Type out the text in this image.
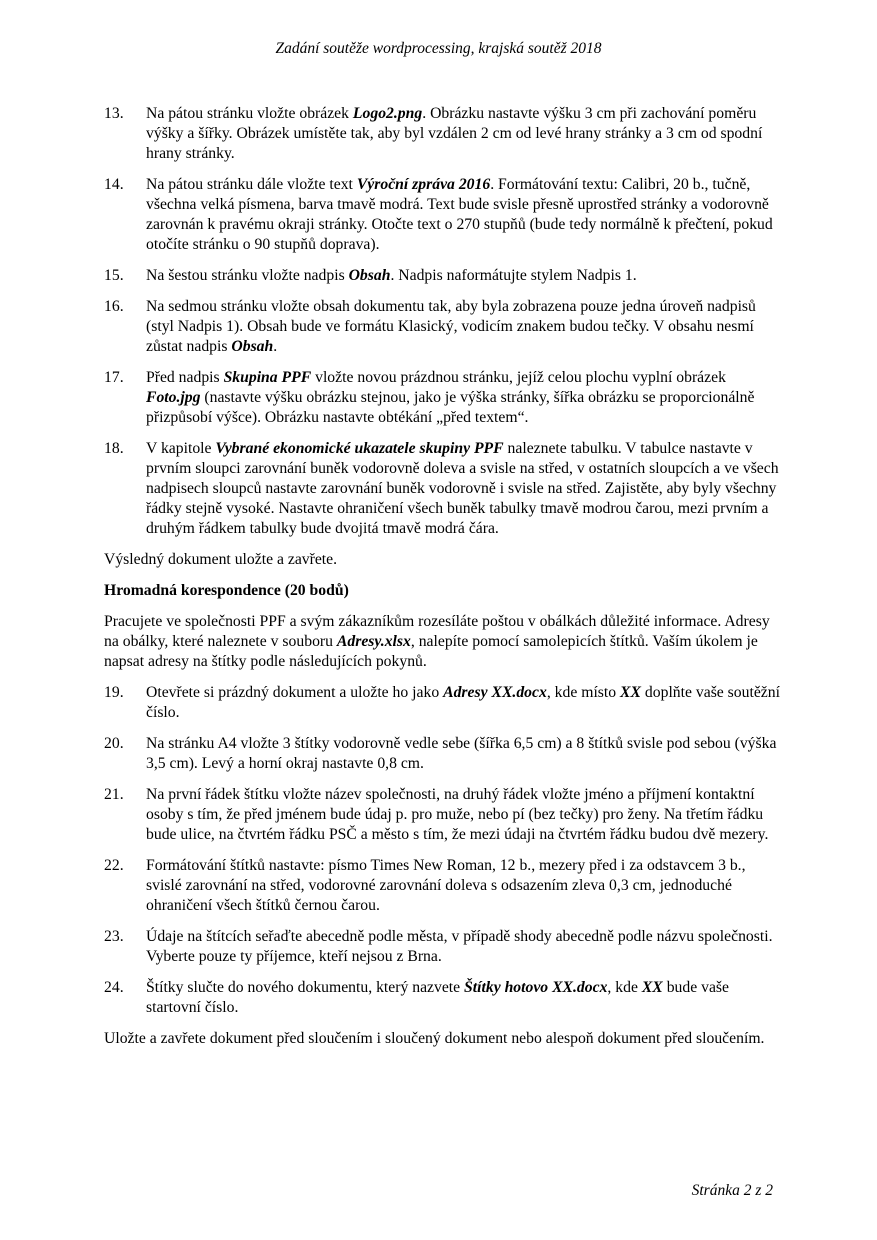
Zadání soutěže wordprocessing, krajská soutěž 2018
13.	Na pátou stránku vložte obrázek Logo2.png. Obrázku nastavte výšku 3 cm při zachování poměru výšky a šířky. Obrázek umístěte tak, aby byl vzdálen 2 cm od levé hrany stránky a 3 cm od spodní hrany stránky.
14.	Na pátou stránku dále vložte text Výroční zpráva 2016. Formátování textu: Calibri, 20 b., tučně, všechna velká písmena, barva tmavě modrá. Text bude svisle přesně uprostřed stránky a vodorovně zarovnán k pravému okraji stránky. Otočte text o 270 stupňů (bude tedy normálně k přečtení, pokud otočíte stránku o 90 stupňů doprava).
15.	Na šestou stránku vložte nadpis Obsah. Nadpis naformátujte stylem Nadpis 1.
16.	Na sedmou stránku vložte obsah dokumentu tak, aby byla zobrazena pouze jedna úroveň nadpisů (styl Nadpis 1). Obsah bude ve formátu Klasický, vodicím znakem budou tečky. V obsahu nesmí zůstat nadpis Obsah.
17.	Před nadpis Skupina PPF vložte novou prázdnou stránku, jejíž celou plochu vyplní obrázek Foto.jpg (nastavte výšku obrázku stejnou, jako je výška stránky, šířka obrázku se proporcionálně přizpůsobí výšce). Obrázku nastavte obtékání „před textem“.
18.	V kapitole Vybrané ekonomické ukazatele skupiny PPF naleznete tabulku. V tabulce nastavte v prvním sloupci zarovnání buněk vodorovně doleva a svisle na střed, v ostatních sloupcích a ve všech nadpisech sloupců nastavte zarovnání buněk vodorovně i svisle na střed. Zajistěte, aby byly všechny řádky stejně vysoké. Nastavte ohraničení všech buněk tabulky tmavě modrou čarou, mezi prvním a druhým řádkem tabulky bude dvojitá tmavě modrá čára.
Výsledný dokument uložte a zavřete.
Hromadná korespondence (20 bodů)
Pracujete ve společnosti PPF a svým zákazníkům rozesíláte poštou v obálkách důležité informace. Adresy na obálky, které naleznete v souboru Adresy.xlsx, nalepíte pomocí samolepicích štítků. Vaším úkolem je napsat adresy na štítky podle následujících pokynů.
19.	Otevřete si prázdný dokument a uložte ho jako Adresy XX.docx, kde místo XX doplňte vaše soutěžní číslo.
20.	Na stránku A4 vložte 3 štítky vodorovně vedle sebe (šířka 6,5 cm) a 8 štítků svisle pod sebou (výška 3,5 cm). Levý a horní okraj nastavte 0,8 cm.
21.	Na první řádek štítku vložte název společnosti, na druhý řádek vložte jméno a příjmení kontaktní osoby s tím, že před jménem bude údaj p. pro muže, nebo pí (bez tečky) pro ženy. Na třetím řádku bude ulice, na čtvrtém řádku PSČ a město s tím, že mezi údaji na čtvrtém řádku budou dvě mezery.
22.	Formátování štítků nastavte: písmo Times New Roman, 12 b., mezery před i za odstavcem 3 b., svislé zarovnání na střed, vodorovné zarovnání doleva s odsazením zleva 0,3 cm, jednoduché ohraničení všech štítků černou čarou.
23.	Údaje na štítcích seřaďte abecedně podle města, v případě shody abecedně podle názvu společnosti. Vyberte pouze ty příjemce, kteří nejsou z Brna.
24.	Štítky slučte do nového dokumentu, který nazvete Štítky hotovo XX.docx, kde XX bude vaše startovní číslo.
Uložte a zavřete dokument před sloučením i sloučený dokument nebo alespoň dokument před sloučením.
Stránka 2 z 2
